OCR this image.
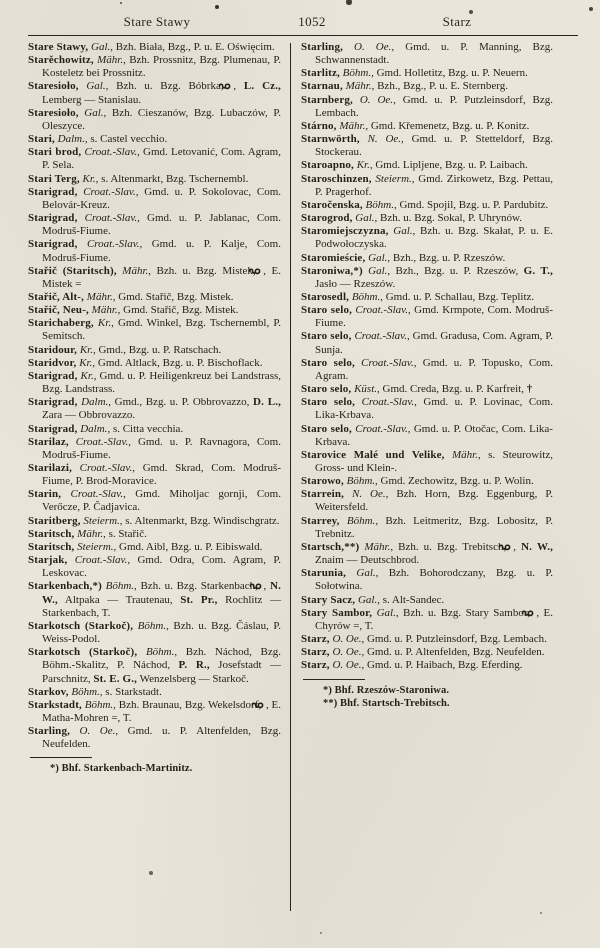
Stare Stawy	1052	Starz

Stare Stawy, Gal., Bzh. Biała, Bzg., P. u. E. Oświęcim.

Starěchowitz, Mähr., Bzh. Prossnitz, Bzg. Plumenau, P. Kosteletz bei Prossnitz.

Staresioło, Gal., Bzh. u. Bzg. Bóbrka, , L. Cz., Lemberg — Stanislau.

Staresioło, Gal., Bzh. Cieszanów, Bzg. Lubaczów, P. Oleszyce.

Stari, Dalm., s. Castel vecchio.

Stari brod, Croat.-Slav., Gmd. Letovanić, Com. Agram, P. Sela.

Stari Terg, Kr., s. Altenmarkt, Bzg. Tschernembl.

Starigrad, Croat.-Slav., Gmd. u. P. Sokolovac, Com. Belovár-Kreuz.

Starigrad, Croat.-Slav., Gmd. u. P. Jablanac, Com. Modruš-Fiume.

Starigrad, Croat.-Slav., Gmd. u. P. Kalje, Com. Modruš-Fiume.

Stařič (Staritsch), Mähr., Bzh. u. Bzg. Mistek, , E. Mistek =

Stařič, Alt-, Mähr., Gmd. Stařič, Bzg. Mistek.

Stařič, Neu-, Mähr., Gmd. Stařič, Bzg. Mistek.

Starichaberg, Kr., Gmd. Winkel, Bzg. Tschernembl, P. Semitsch.

Staridour, Kr., Gmd., Bzg. u. P. Ratschach.

Staridvor, Kr., Gmd. Altlack, Bzg. u. P. Bischoflack.

Starigrad, Kr., Gmd. u. P. Heiligenkreuz bei Landstrass, Bzg. Landstrass.

Starigrad, Dalm., Gmd., Bzg. u. P. Obbrovazzo, D. L., Zara — Obbrovazzo.

Starigrad, Dalm., s. Citta vecchia.

Starilaz, Croat.-Slav., Gmd. u. P. Ravnagora, Com. Modruš-Fiume.

Starilazi, Croat.-Slav., Gmd. Skrad, Com. Modruš-Fiume, P. Brod-Moravice.

Starin, Croat.-Slav., Gmd. Miholjac gornji, Com. Verőcze, P. Čadjavica.

Staritberg, Steierm., s. Altenmarkt, Bzg. Windischgratz.

Staritsch, Mähr., s. Stařič.

Staritsch, Steierm., Gmd. Aibl, Bzg. u. P. Eibiswald.

Starjak, Croat.-Slav., Gmd. Odra, Com. Agram, P. Leskovac.

Starkenbach,*) Böhm., Bzh. u. Bzg. Starkenbach, , N. W., Altpaka — Trautenau, St. Pr., Rochlitz — Starkenbach, T.

Starkotsch (Starkoč), Böhm., Bzh. u. Bzg. Čáslau, P. Weiss-Podol.

Starkotsch (Starkoč), Böhm., Bzh. Náchod, Bzg. Böhm.-Skalitz, P. Náchod, P. R., Josefstadt — Parschnitz, St. E. G., Wenzelsberg — Starkoč.

Starkov, Böhm., s. Starkstadt.

Starkstadt, Böhm., Bzh. Braunau, Bzg. Wekelsdorf, , E. Matha-Mohren =, T.

Starling, O. Oe., Gmd. u. P. Altenfelden, Bzg. Neufelden.

*) Bhf. Starkenbach-Martinitz.

Starling, O. Oe., Gmd. u. P. Manning, Bzg. Schwannenstadt.

Starlitz, Böhm., Gmd. Holletitz, Bzg. u. P. Neuern.

Starnau, Mähr., Bzh., Bzg., P. u. E. Sternberg.

Starnberg, O. Oe., Gmd. u. P. Putzleinsdorf, Bzg. Lembach.

Stárno, Mähr., Gmd. Křemenetz, Bzg. u. P. Konitz.

Starnwörth, N. Oe., Gmd. u. P. Stetteldorf, Bzg. Stockerau.

Staroapno, Kr., Gmd. Lipljene, Bzg. u. P. Laibach.

Staroschinzen, Steierm., Gmd. Zirkowetz, Bzg. Pettau, P. Pragerhof.

Staročenska, Böhm., Gmd. Spojil, Bzg. u. P. Pardubitz.

Starogrod, Gal., Bzh. u. Bzg. Sokal, P. Uhrynów.

Staromiejsczyzna, Gal., Bzh. u. Bzg. Skałat, P. u. E. Podwołoczyska.

Staromieście, Gal., Bzh., Bzg. u. P. Rzeszów.

Staroniwa,*) Gal., Bzh., Bzg. u. P. Rzeszów, G. T., Jasło — Rzeszów.

Starosedl, Böhm., Gmd. u. P. Schallau, Bzg. Teplitz.

Staro selo, Croat.-Slav., Gmd. Krmpote, Com. Modruš-Fiume.

Staro selo, Croat.-Slav., Gmd. Gradusa, Com. Agram, P. Sunja.

Staro selo, Croat.-Slav., Gmd. u. P. Topusko, Com. Agram.

Staro selo, Küst., Gmd. Creda, Bzg. u. P. Karfreit, †

Staro selo, Croat.-Slav., Gmd. u. P. Lovinac, Com. Lika-Krbava.

Staro selo, Croat.-Slav., Gmd. u. P. Otočac, Com. Lika-Krbava.

Starovice Malé und Velike, Mähr., s. Steurowitz, Gross- und Klein-.

Starowo, Böhm., Gmd. Zechowitz, Bzg. u. P. Wolin.

Starrein, N. Oe., Bzh. Horn, Bzg. Eggenburg, P. Weitersfeld.

Starrey, Böhm., Bzh. Leitmeritz, Bzg. Lobositz, P. Trebnitz.

Startsch,**) Mähr., Bzh. u. Bzg. Trebitsch, , N. W., Znaim — Deutschbrod.

Starunia, Gal., Bzh. Bohorodczany, Bzg. u. P. Sołotwina.

Stary Sacz, Gal., s. Alt-Sandec.

Stary Sambor, Gal., Bzh. u. Bzg. Stary Sambor, , E. Chyrów =, T.

Starz, O. Oe., Gmd. u. P. Putzleinsdorf, Bzg. Lembach.

Starz, O. Oe., Gmd. u. P. Altenfelden, Bzg. Neufelden.

Starz, O. Oe., Gmd. u. P. Haibach, Bzg. Eferding.

*) Bhf. Rzeszów-Staroniwa.

**) Bhf. Startsch-Trebitsch.
